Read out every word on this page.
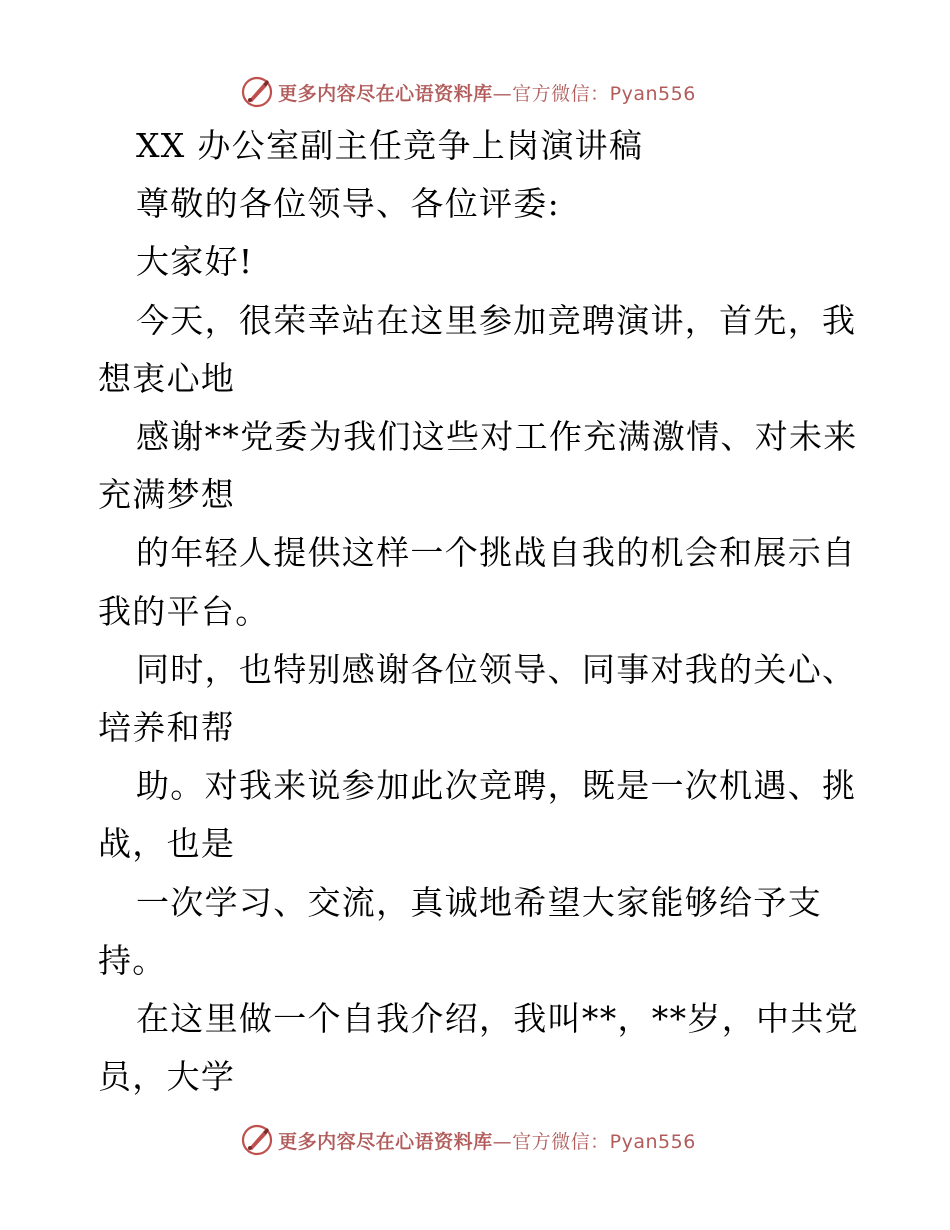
更多内容尽在心语资料库—官方微信：Pyan556
XX 办公室副主任竞争上岗演讲稿
尊敬的各位领导、各位评委:
大家好!
今天，很荣幸站在这里参加竞聘演讲，首先，我
想衷心地
感谢**党委为我们这些对工作充满激情、对未来
充满梦想
的年轻人提供这样一个挑战自我的机会和展示自
我的平台。
同时，也特别感谢各位领导、同事对我的关心、
培养和帮
助。对我来说参加此次竞聘，既是一次机遇、挑
战，也是
一次学习、交流，真诚地希望大家能够给予支
持。
在这里做一个自我介绍，我叫**，**岁，中共党
员，大学
更多内容尽在心语资料库—官方微信：Pyan556
